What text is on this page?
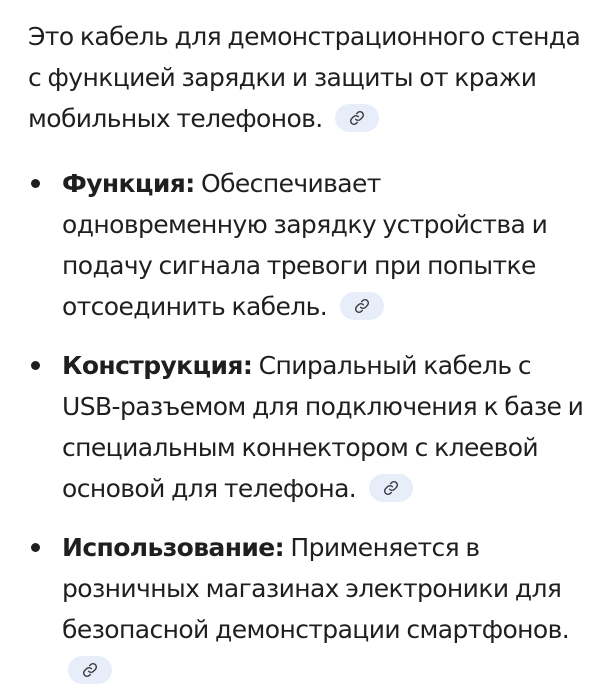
Это кабель для демонстрационного стенда с функцией зарядки и защиты от кражи мобильных телефонов.

Функция: Обеспечивает одновременную зарядку устройства и подачу сигнала тревоги при попытке отсоединить кабель.
Конструкция: Спиральный кабель с USB-разъемом для подключения к базе и специальным коннектором с клеевой основой для телефона.
Использование: Применяется в розничных магазинах электроники для безопасной демонстрации смартфонов.
